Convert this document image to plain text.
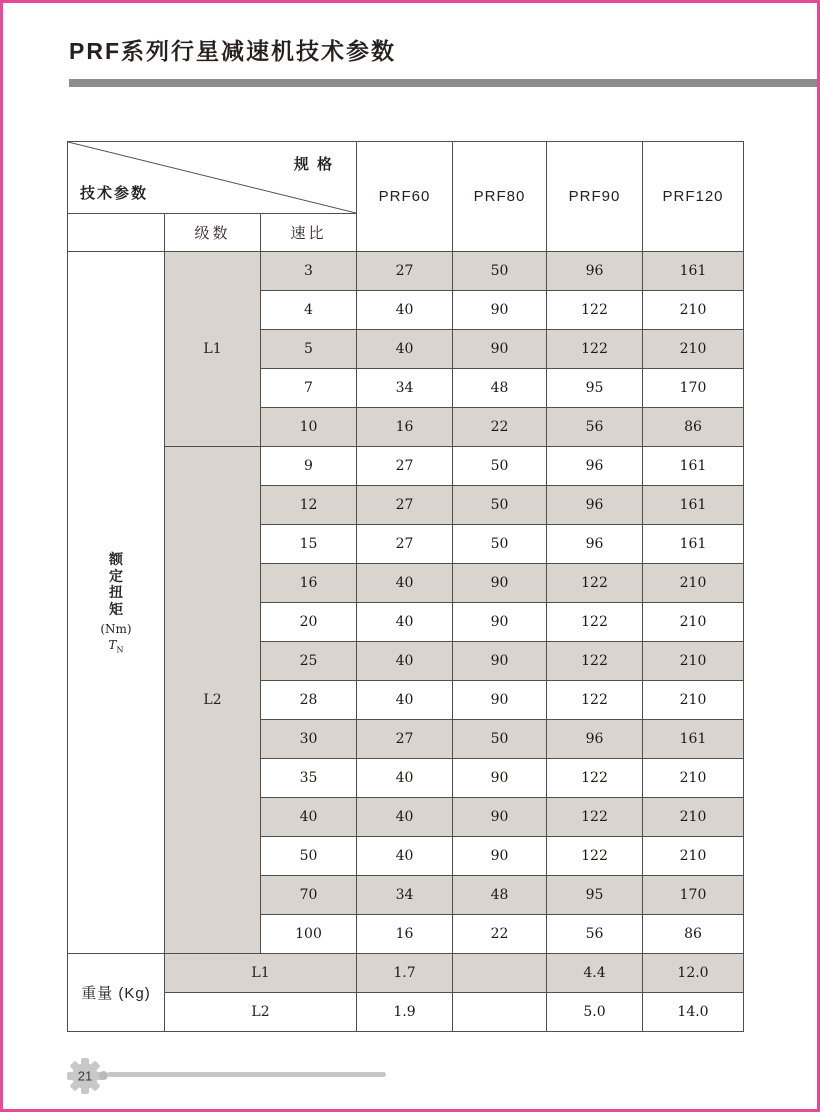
PRF系列行星减速机技术参数
规 格
技术参数			PRF60	PRF80	PRF90	PRF120
	级数	速比				

额
定
扭
矩
(Nm)
$T_N$
	L1	3	27	50	96	161
		4	40	90	122	210
		5	40	90	122	210
		7	34	48	95	170
		10	16	22	56	86
	L2	9	27	50	96	161
		12	27	50	96	161
		15	27	50	96	161
		16	40	90	122	210
		20	40	90	122	210
		25	40	90	122	210
		28	40	90	122	210
		30	27	50	96	161
		35	40	90	122	210
		40	40	90	122	210
		50	40	90	122	210
		70	34	48	95	170
		100	16	22	56	86
重量 (Kg)	L1		1.7		4.4	12.0
	L2		1.9		5.0	14.0
21
